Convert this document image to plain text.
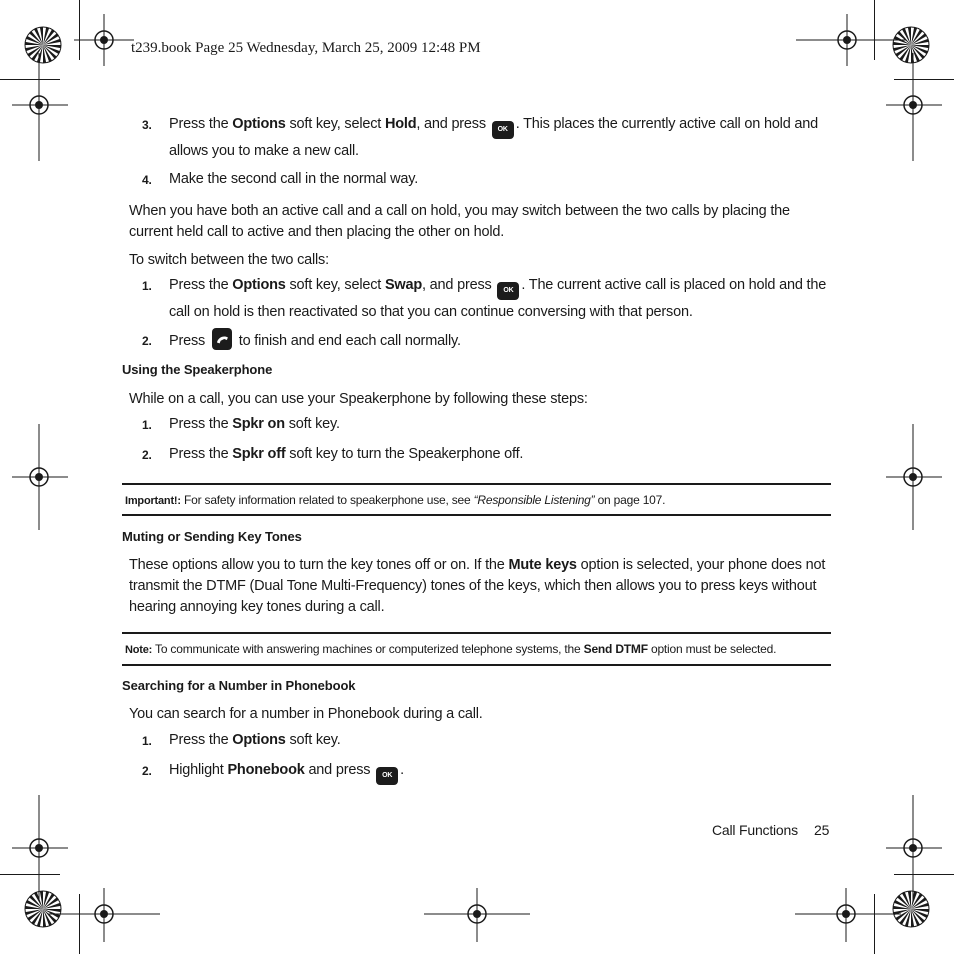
t239.book Page 25 Wednesday, March 25, 2009 12:48 PM
3. Press the Options soft key, select Hold, and press OK . This places the currently active call on hold and allows you to make a new call.
4. Make the second call in the normal way.
When you have both an active call and a call on hold, you may switch between the two calls by placing the current held call to active and then placing the other on hold.
To switch between the two calls:
1. Press the Options soft key, select Swap, and press OK . The current active call is placed on hold and the call on hold is then reactivated so that you can continue conversing with that person.
2. Press
to finish and end each call normally.
Using the Speakerphone
While on a call, you can use your Speakerphone by following these steps:
1. Press the Spkr on soft key.
2. Press the Spkr off soft key to turn the Speakerphone off.
Important!: For safety information related to speakerphone use, see “Responsible Listening” on page 107.
Muting or Sending Key Tones
These options allow you to turn the key tones off or on. If the Mute keys option is selected, your phone does not transmit the DTMF (Dual Tone Multi-Frequency) tones of the keys, which then allows you to press keys without hearing annoying key tones during a call.
Note: To communicate with answering machines or computerized telephone systems, the Send DTMF option must be selected.
Searching for a Number in Phonebook
You can search for a number in Phonebook during a call.
1. Press the Options soft key.
2. Highlight Phonebook and press OK .
Call Functions 25
